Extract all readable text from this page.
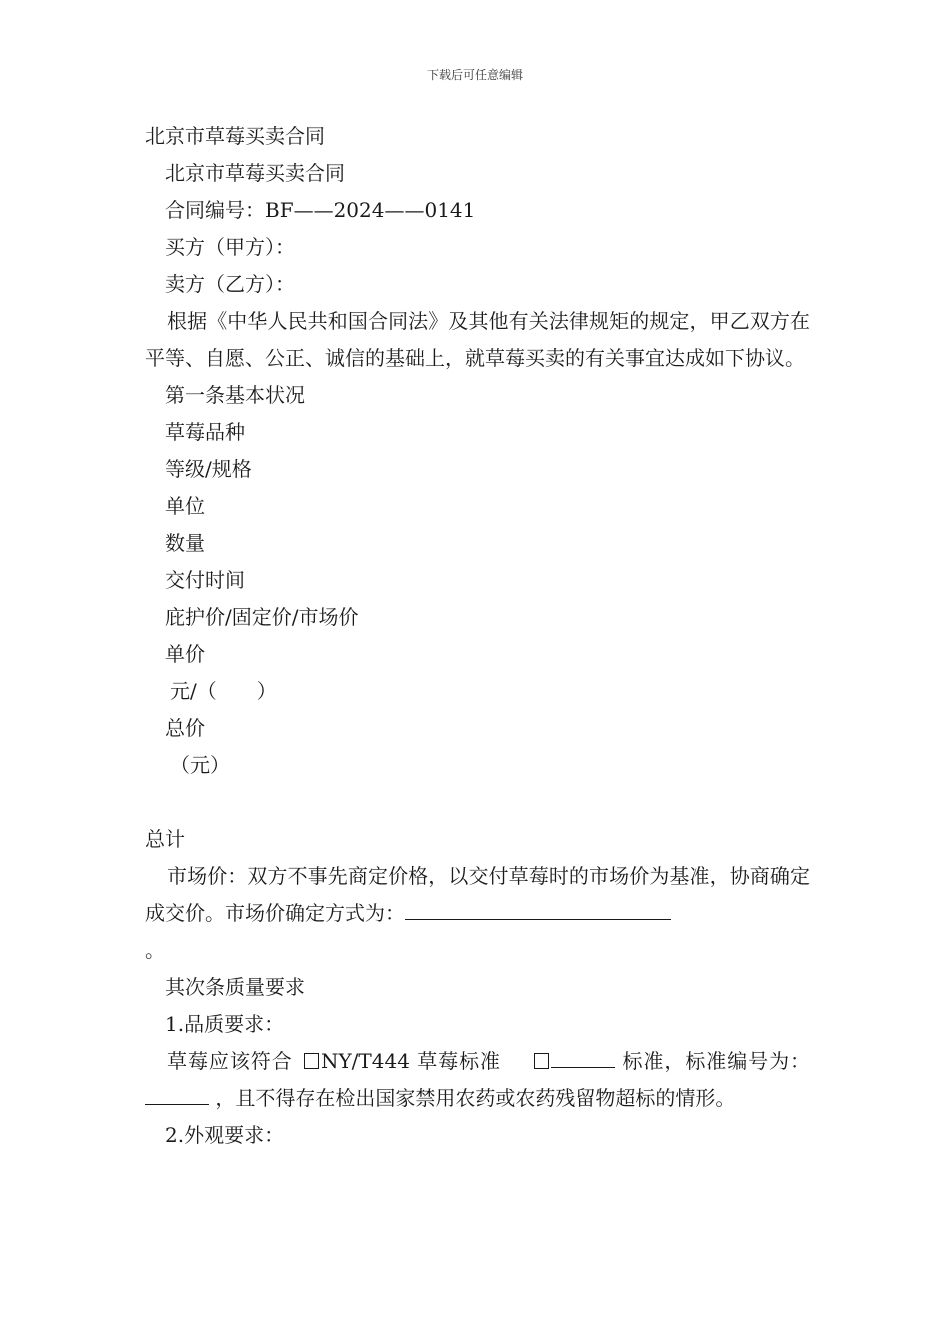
下载后可任意编辑
北京市草莓买卖合同
北京市草莓买卖合同
合同编号：BF——2024——0141
买方（甲方）：
卖方（乙方）：
根据《中华人民共和国合同法》及其他有关法律规矩的规定，甲乙双方在平等、自愿、公正、诚信的基础上，就草莓买卖的有关事宜达成如下协议。
第一条基本状况
草莓品种
等级/规格
单位
数量
交付时间
庇护价/固定价/市场价
单价
元/（　　）
总价
（元）
总计
市场价：双方不事先商定价格，以交付草莓时的市场价为基准，协商确定成交价。市场价确定方式为：
。
其次条质量要求
1.品质要求：
草莓应该符合 NY/T444 草莓标准	标准，标准编号为： ，且不得存在检出国家禁用农药或农药残留物超标的情形。
2.外观要求：
